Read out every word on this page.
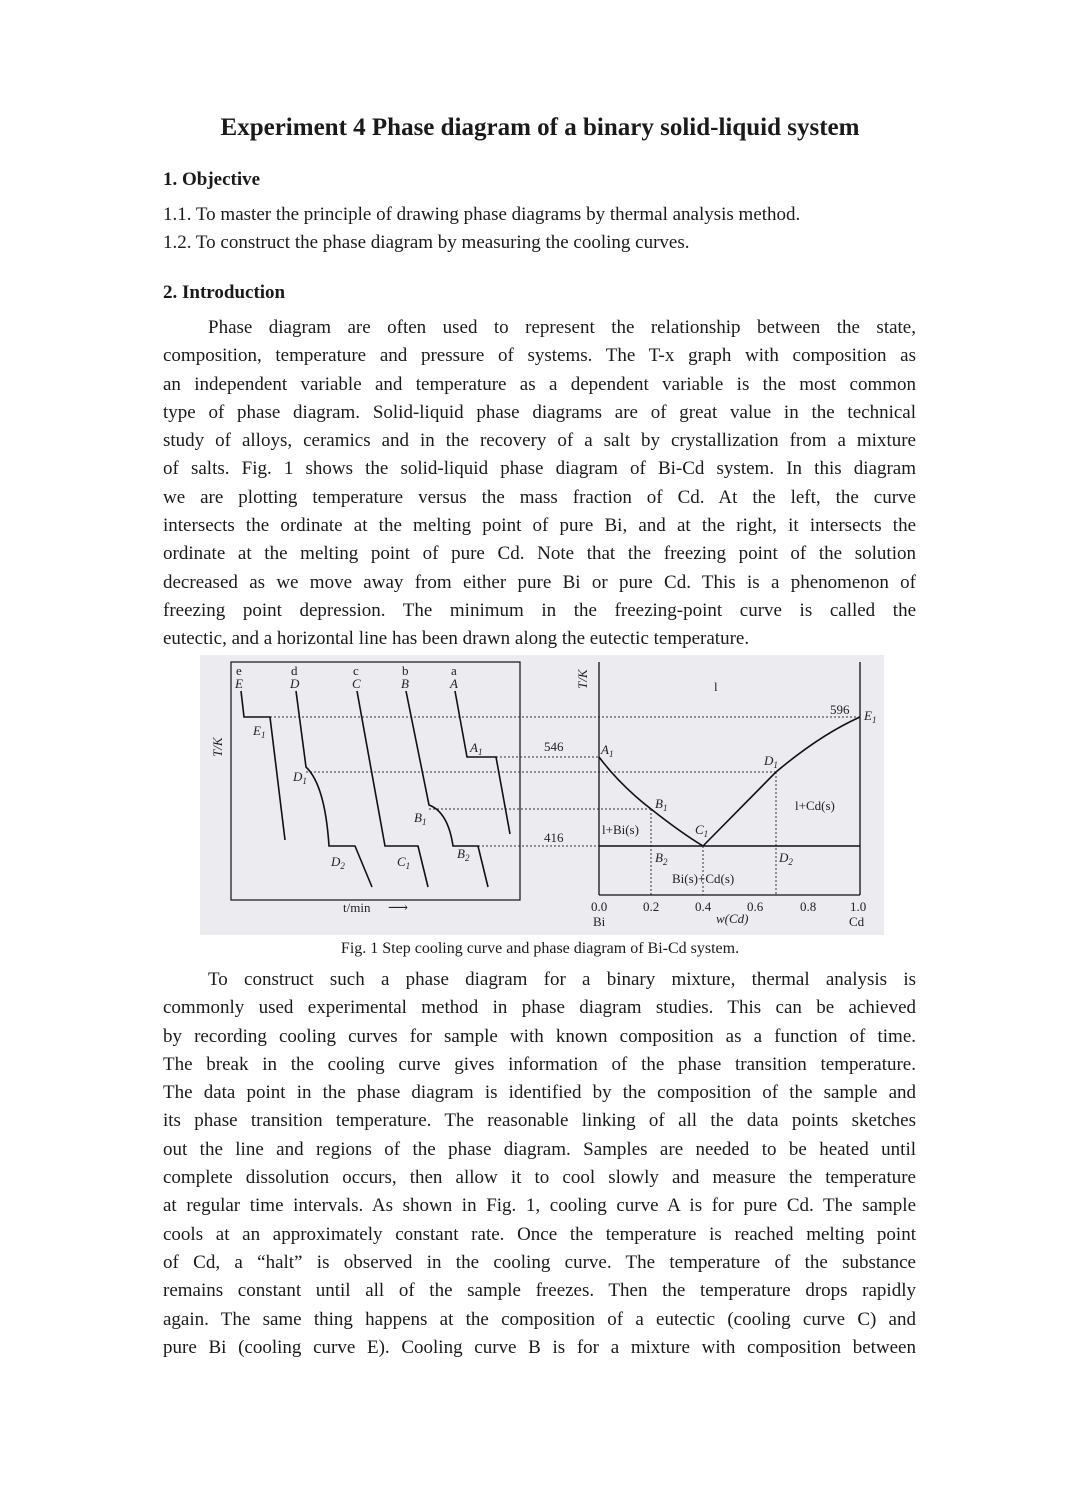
Experiment 4 Phase diagram of a binary solid-liquid system
1. Objective
1.1. To master the principle of drawing phase diagrams by thermal analysis method.
1.2. To construct the phase diagram by measuring the cooling curves.
2. Introduction
Phase diagram are often used to represent the relationship between the state,
composition, temperature and pressure of systems. The T-x graph with composition as
an independent variable and temperature as a dependent variable is the most common
type of phase diagram. Solid-liquid phase diagrams are of great value in the technical
study of alloys, ceramics and in the recovery of a salt by crystallization from a mixture
of salts. Fig. 1 shows the solid-liquid phase diagram of Bi-Cd system. In this diagram
we are plotting temperature versus the mass fraction of Cd. At the left, the curve
intersects the ordinate at the melting point of pure Bi, and at the right, it intersects the
ordinate at the melting point of pure Cd. Note that the freezing point of the solution
decreased as we move away from either pure Bi or pure Cd. This is a phenomenon of
freezing point depression. The minimum in the freezing-point curve is called the
eutectic, and a horizontal line has been drawn along the eutectic temperature.
e
E
d
D
c
C
b
B
a
A
$E_1$
$D_1$
$D_2$	$C_1$
$B_1$
$B_2$
$A_1$
T/K
t/min ⟶
T/K
596
546
416
l
l+Bi(s)
l+Cd(s)
Bi(s)+Cd(s)
0.0	0.2	0.4	0.6	0.8	1.0
Bi	Cd
w(Cd)
$A_1$
$B_1$
$C_1$
$D_1$
$E_1$
$B_2$	$D_2$
Fig. 1 Step cooling curve and phase diagram of Bi-Cd system.
To construct such a phase diagram for a binary mixture, thermal analysis is
commonly used experimental method in phase diagram studies. This can be achieved
by recording cooling curves for sample with known composition as a function of time.
The break in the cooling curve gives information of the phase transition temperature.
The data point in the phase diagram is identified by the composition of the sample and
its phase transition temperature. The reasonable linking of all the data points sketches
out the line and regions of the phase diagram. Samples are needed to be heated until
complete dissolution occurs, then allow it to cool slowly and measure the temperature
at regular time intervals. As shown in Fig. 1, cooling curve A is for pure Cd. The sample
cools at an approximately constant rate. Once the temperature is reached melting point
of Cd, a “halt” is observed in the cooling curve. The temperature of the substance
remains constant until all of the sample freezes. Then the temperature drops rapidly
again. The same thing happens at the composition of a eutectic (cooling curve C) and
pure Bi (cooling curve E). Cooling curve B is for a mixture with composition between
